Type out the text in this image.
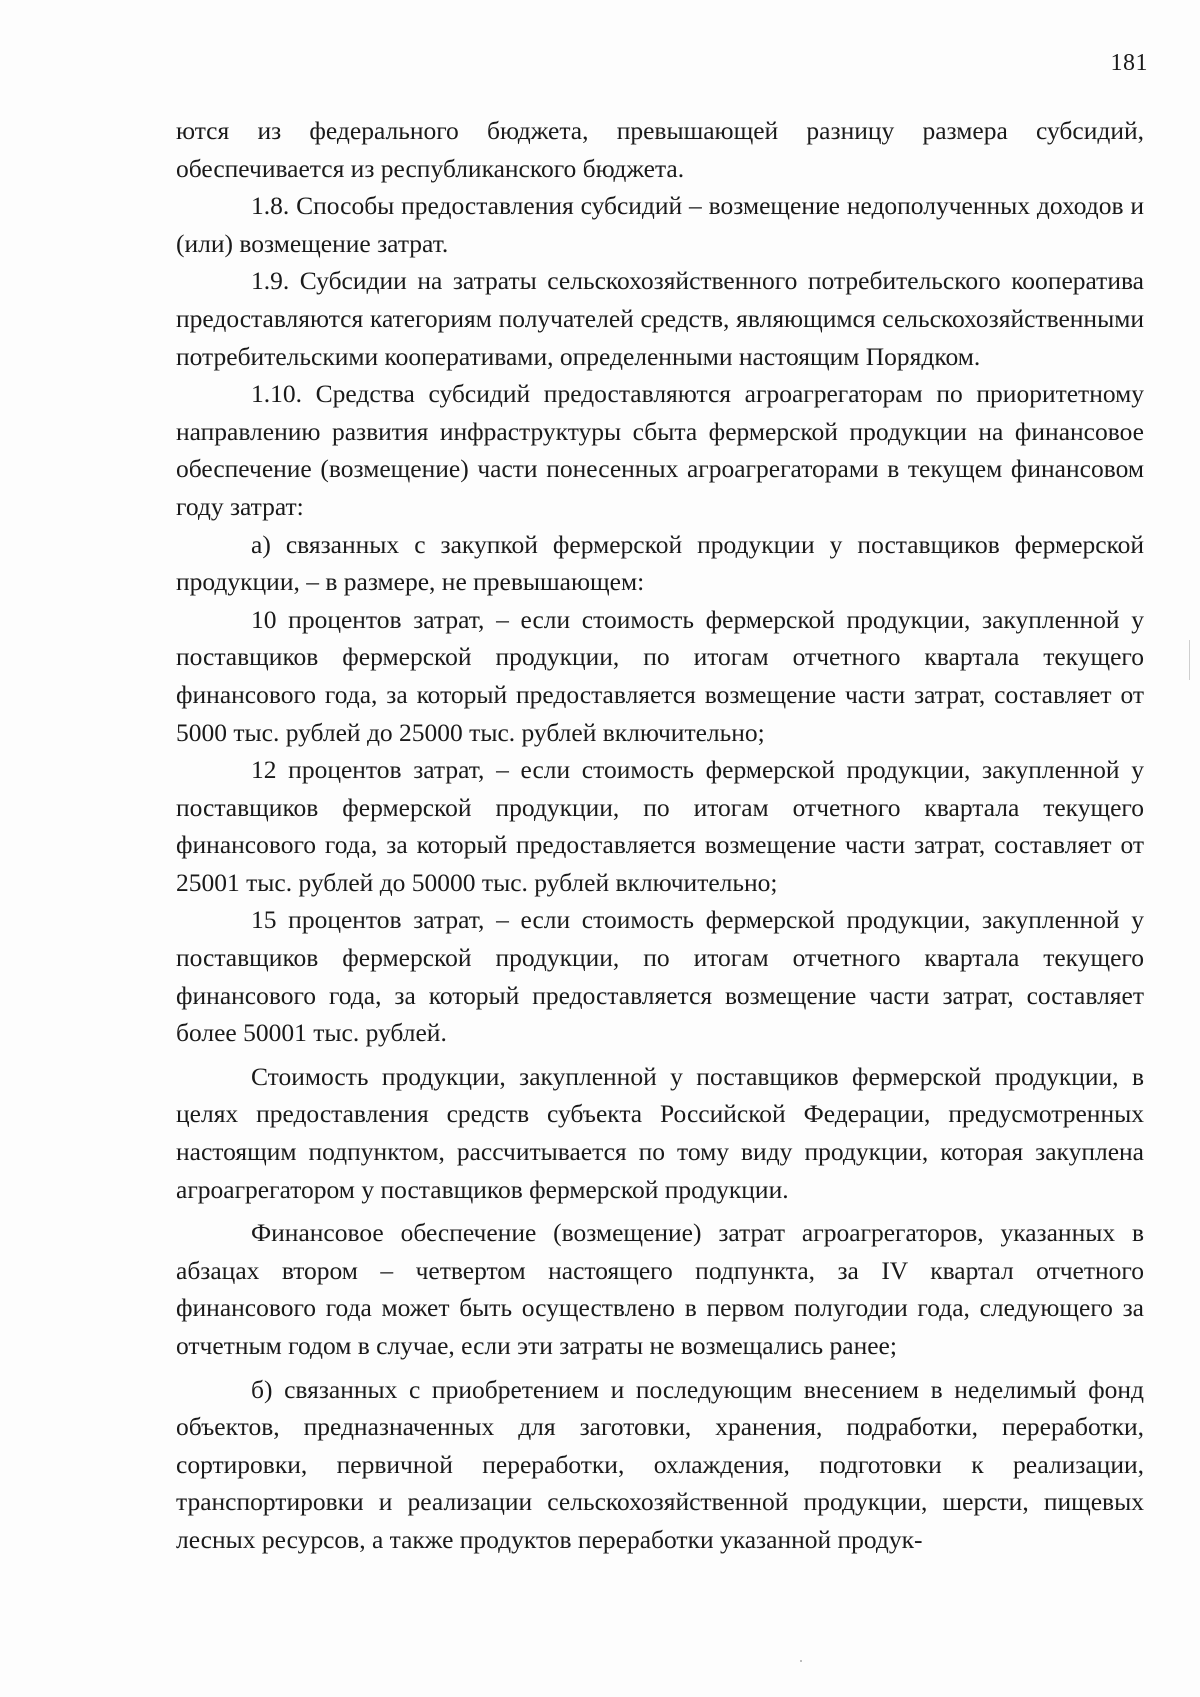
181

ются из федерального бюджета, превышающей разницу размера субсидий, обеспечивается из республиканского бюджета.

1.8. Способы предоставления субсидий – возмещение недополученных доходов и (или) возмещение затрат.

1.9. Субсидии на затраты сельскохозяйственного потребительского кооператива предоставляются категориям получателей средств, являющимся сельскохозяйственными потребительскими кооперативами, определенными настоящим Порядком.

1.10. Средства субсидий предоставляются агроагрегаторам по приоритетному направлению развития инфраструктуры сбыта фермерской продукции на финансовое обеспечение (возмещение) части понесенных агроагрегаторами в текущем финансовом году затрат:

а) связанных с закупкой фермерской продукции у поставщиков фермерской продукции, – в размере, не превышающем:

10 процентов затрат, – если стоимость фермерской продукции, закупленной у поставщиков фермерской продукции, по итогам отчетного квартала текущего финансового года, за который предоставляется возмещение части затрат, составляет от 5000 тыс. рублей до 25000 тыс. рублей включительно;

12 процентов затрат, – если стоимость фермерской продукции, закупленной у поставщиков фермерской продукции, по итогам отчетного квартала текущего финансового года, за который предоставляется возмещение части затрат, составляет от 25001 тыс. рублей до 50000 тыс. рублей включительно;

15 процентов затрат, – если стоимость фермерской продукции, закупленной у поставщиков фермерской продукции, по итогам отчетного квартала текущего финансового года, за который предоставляется возмещение части затрат, составляет более 50001 тыс. рублей.

Стоимость продукции, закупленной у поставщиков фермерской продукции, в целях предоставления средств субъекта Российской Федерации, предусмотренных настоящим подпунктом, рассчитывается по тому виду продукции, которая закуплена агроагрегатором у поставщиков фермерской продукции.

Финансовое обеспечение (возмещение) затрат агроагрегаторов, указанных в абзацах втором – четвертом настоящего подпункта, за IV квартал отчетного финансового года может быть осуществлено в первом полугодии года, следующего за отчетным годом в случае, если эти затраты не возмещались ранее;

б) связанных с приобретением и последующим внесением в неделимый фонд объектов, предназначенных для заготовки, хранения, подработки, переработки, сортировки, первичной переработки, охлаждения, подготовки к реализации, транспортировки и реализации сельскохозяйственной продукции, шерсти, пищевых лесных ресурсов, а также продуктов переработки указанной продук-
